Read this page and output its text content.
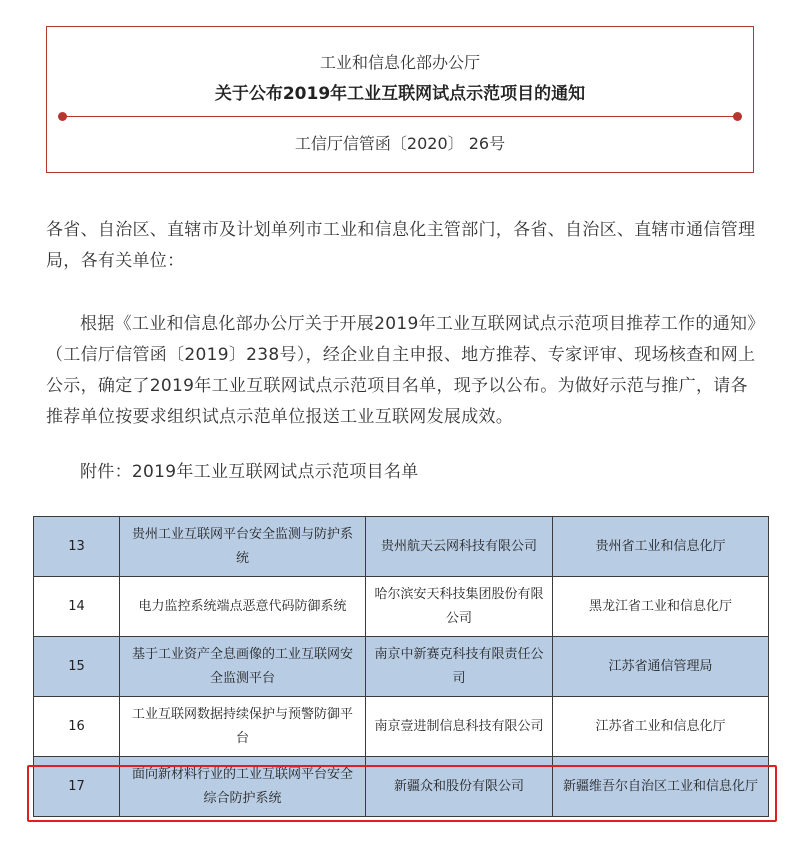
工业和信息化部办公厅
关于公布2019年工业互联网试点示范项目的通知
工信厅信管函〔2020〕 26号

各省、自治区、直辖市及计划单列市工业和信息化主管部门，各省、自治区、直辖市通信管理局，各有关单位：

根据《工业和信息化部办公厅关于开展2019年工业互联网试点示范项目推荐工作的通知》（工信厅信管函〔2019〕238号），经企业自主申报、地方推荐、专家评审、现场核查和网上公示，确定了2019年工业互联网试点示范项目名单，现予以公布。为做好示范与推广，请各推荐单位按要求组织试点示范单位报送工业互联网发展成效。

附件：2019年工业互联网试点示范项目名单

13	贵州工业互联网平台安全监测与防护系统	贵州航天云网科技有限公司	贵州省工业和信息化厅
14	电力监控系统端点恶意代码防御系统	哈尔滨安天科技集团股份有限公司	黑龙江省工业和信息化厅
15	基于工业资产全息画像的工业互联网安全监测平台	南京中新赛克科技有限责任公司	江苏省通信管理局
16	工业互联网数据持续保护与预警防御平台	南京壹进制信息科技有限公司	江苏省工业和信息化厅
17	面向新材料行业的工业互联网平台安全综合防护系统	新疆众和股份有限公司	新疆维吾尔自治区工业和信息化厅
